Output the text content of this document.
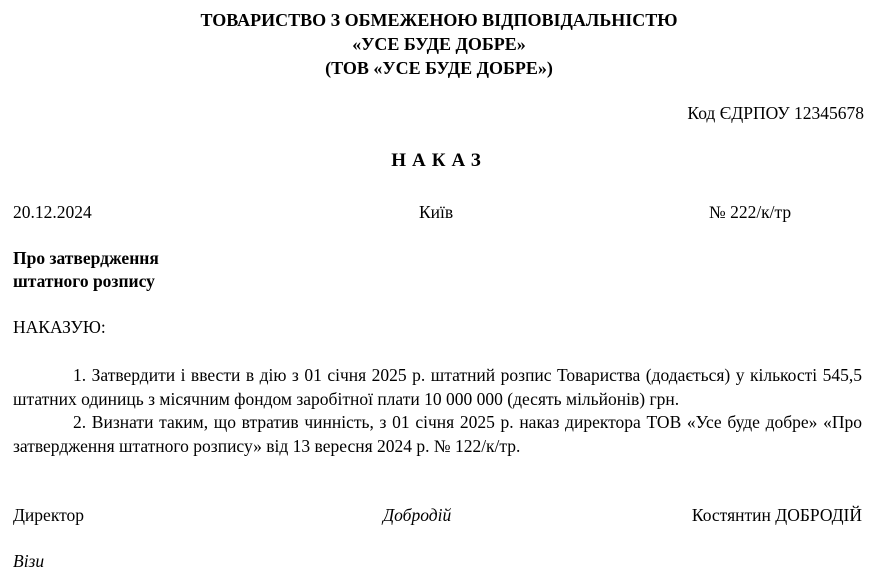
ТОВАРИСТВО З ОБМЕЖЕНОЮ ВІДПОВІДАЛЬНІСТЮ
«УСЕ БУДЕ ДОБРЕ»
(ТОВ «УСЕ БУДЕ ДОБРЕ»)
Код ЄДРПОУ 12345678
НАКАЗ
20.12.2024	Київ	№ 222/к/тр
Про затвердження
штатного розпису
НАКАЗУЮ:

1. Затвердити і ввести в дію з 01 січня 2025 р. штатний розпис Товариства (додається) у кількості 545,5 штатних одиниць з місячним фондом заробітної плати 10 000 000 (десять мільйонів) грн.

2. Визнати таким, що втратив чинність, з 01 січня 2025 р. наказ директора ТОВ «Усе буде добре» «Про затвердження штатного розпису» від 13 вересня 2024 р. № 122/к/тр.

Директор	Добродій	Костянтин ДОБРОДІЙ
Візи
